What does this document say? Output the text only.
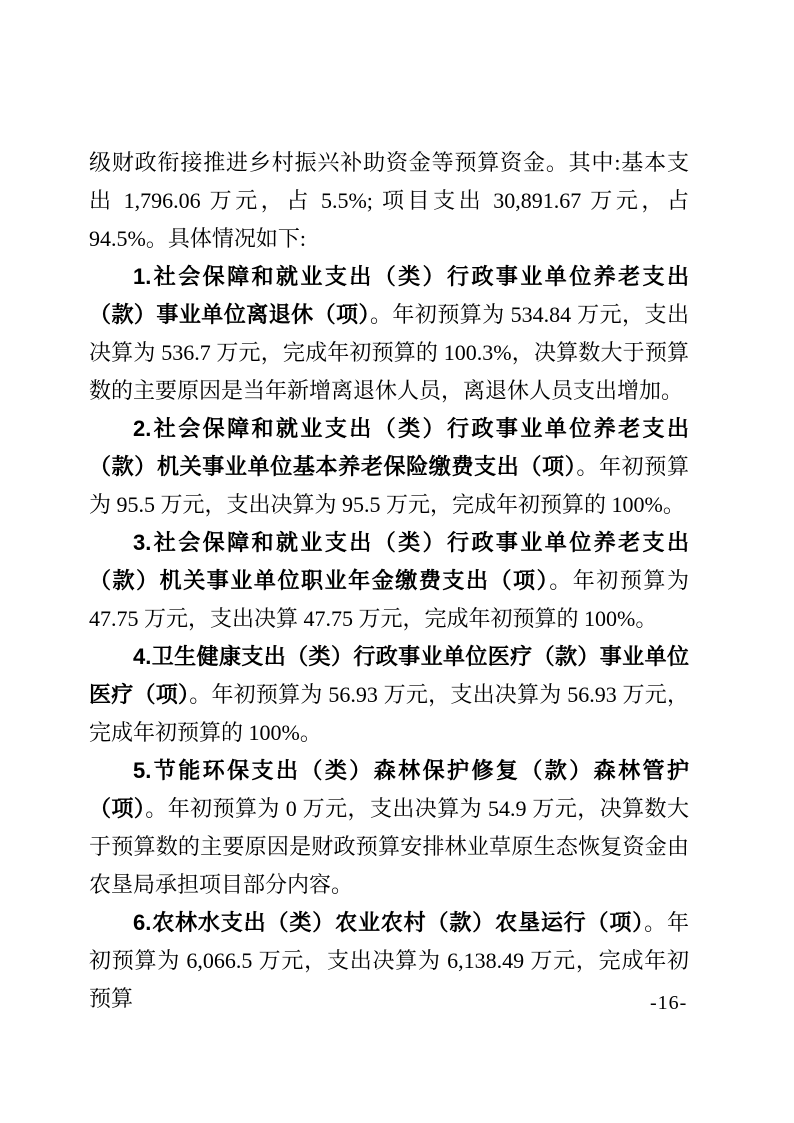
级财政衔接推进乡村振兴补助资金等预算资金。其中:基本支出 1,796.06 万元，占 5.5%; 项目支出 30,891.67 万元，占 94.5%。具体情况如下:

1.社会保障和就业支出（类）行政事业单位养老支出（款）事业单位离退休（项）。年初预算为 534.84 万元，支出决算为 536.7 万元，完成年初预算的 100.3%，决算数大于预算数的主要原因是当年新增离退休人员，离退休人员支出增加。

2.社会保障和就业支出（类）行政事业单位养老支出（款）机关事业单位基本养老保险缴费支出（项）。年初预算为 95.5 万元，支出决算为 95.5 万元，完成年初预算的 100%。

3.社会保障和就业支出（类）行政事业单位养老支出（款）机关事业单位职业年金缴费支出（项）。年初预算为 47.75 万元，支出决算 47.75 万元，完成年初预算的 100%。

4.卫生健康支出（类）行政事业单位医疗（款）事业单位医疗（项）。年初预算为 56.93 万元，支出决算为 56.93 万元，完成年初预算的 100%。

5.节能环保支出（类）森林保护修复（款）森林管护（项）。年初预算为 0 万元，支出决算为 54.9 万元，决算数大于预算数的主要原因是财政预算安排林业草原生态恢复资金由农垦局承担项目部分内容。

6.农林水支出（类）农业农村（款）农垦运行（项）。年初预算为 6,066.5 万元，支出决算为 6,138.49 万元，完成年初预算	-16-
